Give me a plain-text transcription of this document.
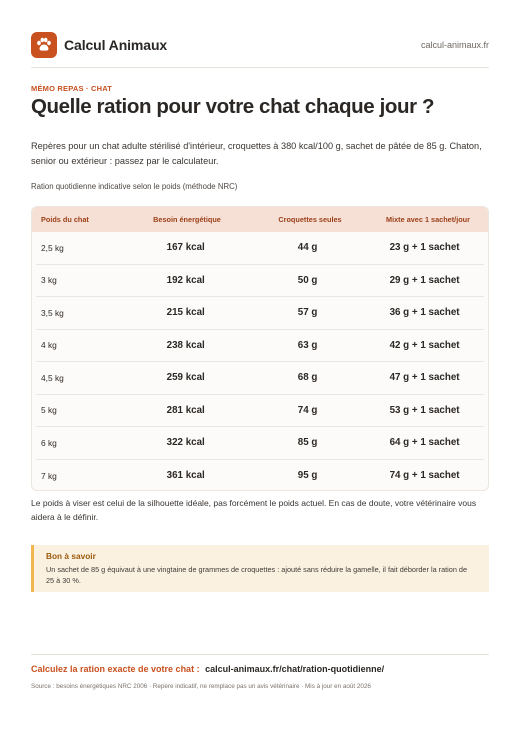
Calcul Animaux	calcul-animaux.fr
MÉMO REPAS · CHAT
Quelle ration pour votre chat chaque jour ?

Repères pour un chat adulte stérilisé d'intérieur, croquettes à 380 kcal/100 g, sachet de pâtée de 85 g. Chaton, senior ou extérieur : passez par le calculateur.

Ration quotidienne indicative selon le poids (méthode NRC)
Poids du chat	Besoin énergétique	Croquettes seules	Mixte avec 1 sachet/jour
2,5 kg	167 kcal	44 g	23 g + 1 sachet
3 kg	192 kcal	50 g	29 g + 1 sachet
3,5 kg	215 kcal	57 g	36 g + 1 sachet
4 kg	238 kcal	63 g	42 g + 1 sachet
4,5 kg	259 kcal	68 g	47 g + 1 sachet
5 kg	281 kcal	74 g	53 g + 1 sachet
6 kg	322 kcal	85 g	64 g + 1 sachet
7 kg	361 kcal	95 g	74 g + 1 sachet

Le poids à viser est celui de la silhouette idéale, pas forcément le poids actuel. En cas de doute, votre vétérinaire vous aidera à le définir.

Bon à savoir
Un sachet de 85 g équivaut à une vingtaine de grammes de croquettes : ajouté sans réduire la gamelle, il fait déborder la ration de 25 à 30 %.
Calculez la ration exacte de votre chat : calcul-animaux.fr/chat/ration-quotidienne/
Source : besoins énergétiques NRC 2006 · Repère indicatif, ne remplace pas un avis vétérinaire · Mis à jour en août 2026
